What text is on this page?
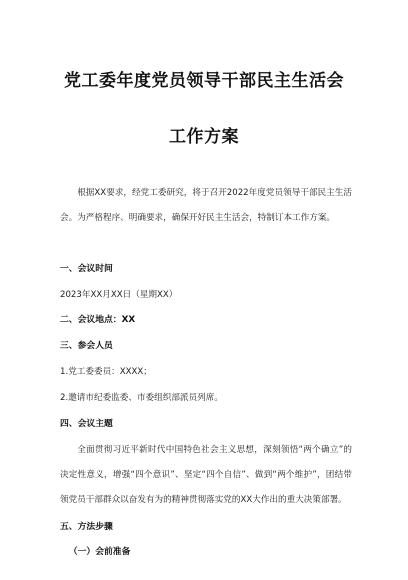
党工委年度党员领导干部民主生活会
工作方案
根据XX要求，经党工委研究，将于召开2022年度党员领导干部民主生活会。为严格程序、明确要求，确保开好民主生活会，特制订本工作方案。
一、会议时间
2023年XX月XX日（星期XX）
二、会议地点：XX
三、参会人员
1.党工委委员：XXXX；
2.邀请市纪委监委、市委组织部派员列席。
四、会议主题
全面贯彻习近平新时代中国特色社会主义思想，深刻领悟“两个确立”的决定性意义，增强“四个意识”、坚定“四个自信”、做到“两个维护”，团结带领党员干部群众以奋发有为的精神贯彻落实党的XX大作出的重大决策部署。
五、方法步骤
（一）会前准备
